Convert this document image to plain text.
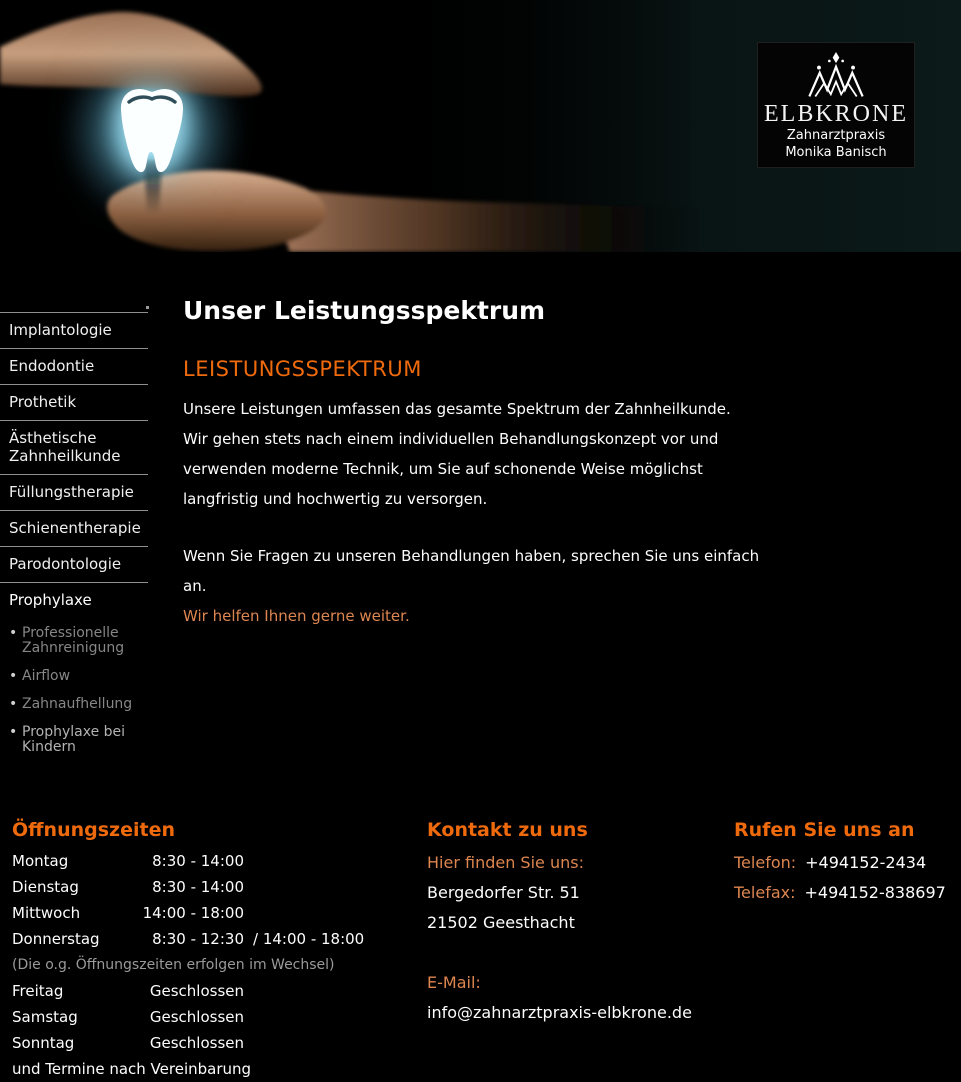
ELBKRONE
Zahnarztpraxis
Monika Banisch
Implantologie
Endodontie
Prothetik
Ästhetische Zahnheilkunde
Füllungstherapie
Schienentherapie
Parodontologie
Prophylaxe
• Professionelle Zahnreinigung
• Airflow
• Zahnaufhellung
• Prophylaxe bei Kindern
Unser Leistungsspektrum
LEISTUNGSSPEKTRUM
Unsere Leistungen umfassen das gesamte Spektrum der Zahnheilkunde.
Wir gehen stets nach einem individuellen Behandlungskonzept vor und
verwenden moderne Technik, um Sie auf schonende Weise möglichst
langfristig und hochwertig zu versorgen.
Wenn Sie Fragen zu unseren Behandlungen haben, sprechen Sie uns einfach an.
Wir helfen Ihnen gerne weiter.
Öffnungszeiten
Montag	8:30 - 14:00
Dienstag	8:30 - 14:00
Mittwoch	14:00 - 18:00
Donnerstag	8:30 - 12:30 / 14:00 - 18:00
(Die o.g. Öffnungszeiten erfolgen im Wechsel)
Freitag	Geschlossen
Samstag	Geschlossen
Sonntag	Geschlossen
und Termine nach Vereinbarung
Kontakt zu uns
Hier finden Sie uns:
Bergedorfer Str. 51
21502 Geesthacht
E-Mail:
info@zahnarztpraxis-elbkrone.de
Rufen Sie uns an
Telefon: +494152-2434
Telefax: +494152-838697
